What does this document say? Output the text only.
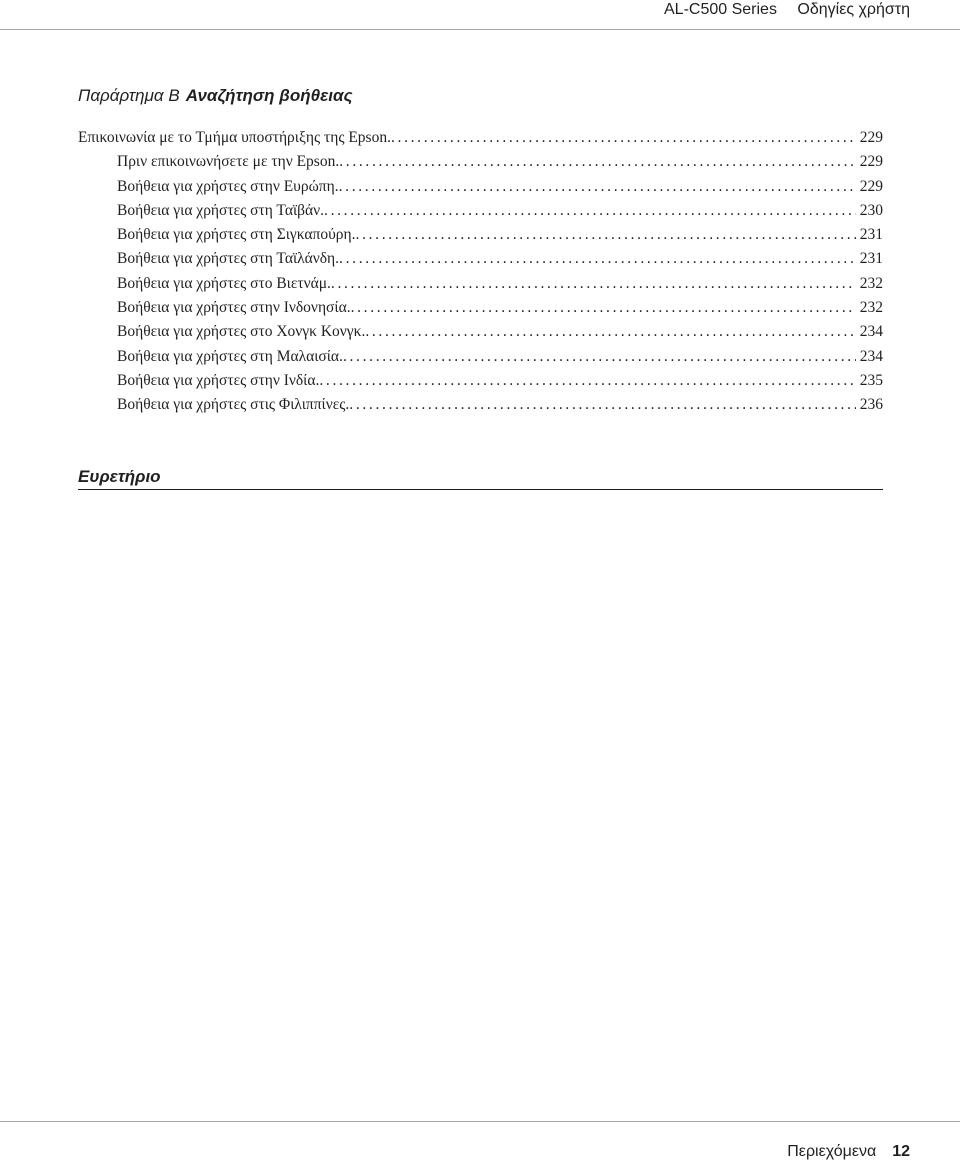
AL-C500 Series Οδηγίες χρήστη
Παράρτημα B Αναζήτηση βοήθειας
Επικοινωνία με το Τμήμα υποστήριξης της Epson. . . .	229
Πριν επικοινωνήσετε με την Epson. . . .	229
Βοήθεια για χρήστες στην Ευρώπη. . . .	229
Βοήθεια για χρήστες στη Ταϊβάν. . . .	230
Βοήθεια για χρήστες στη Σιγκαπούρη. . . .	231
Βοήθεια για χρήστες στη Ταϊλάνδη. . . .	231
Βοήθεια για χρήστες στο Βιετνάμ. . . .	232
Βοήθεια για χρήστες στην Ινδονησία. . . .	232
Βοήθεια για χρήστες στο Χονγκ Κονγκ. . . .	234
Βοήθεια για χρήστες στη Μαλαισία. . . .	234
Βοήθεια για χρήστες στην Ινδία. . . .	235
Βοήθεια για χρήστες στις Φιλιππίνες. . . .	236
Ευρετήριο
Περιεχόμενα 12
